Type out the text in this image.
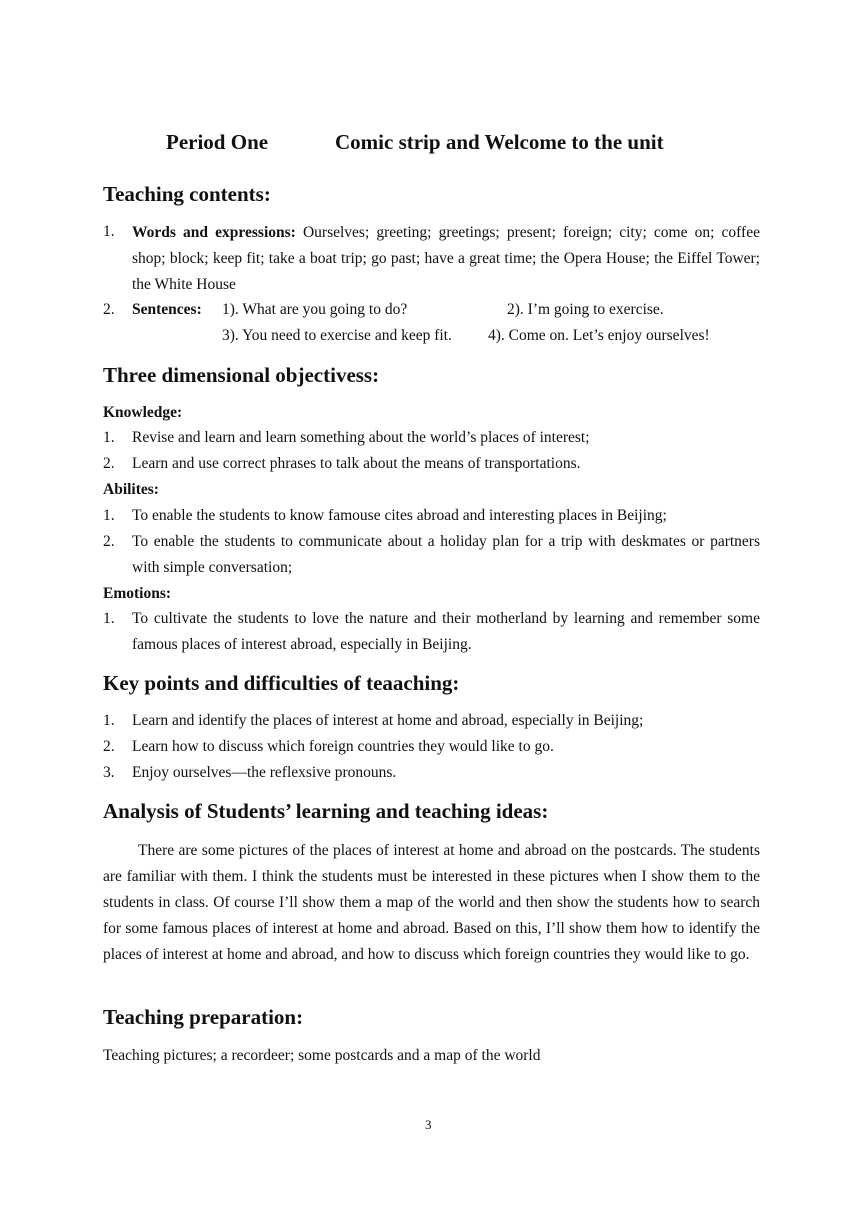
Period One	Comic strip and Welcome to the unit
Teaching contents:
1. Words and expressions: Ourselves; greeting; greetings; present; foreign; city; come on; coffee shop; block; keep fit; take a boat trip; go past; have a great time; the Opera House; the Eiffel Tower; the White House
2. Sentences: 1). What are you going to do?	2). I’m going to exercise.
3). You need to exercise and keep fit. 4). Come on. Let’s enjoy ourselves!
Three dimensional objectivess:
Knowledge:
1. Revise and learn and learn something about the world’s places of interest;
2. Learn and use correct phrases to talk about the means of transportations.
Abilites:
1. To enable the students to know famouse cites abroad and interesting places in Beijing;
2. To enable the students to communicate about a holiday plan for a trip with deskmates or partners with simple conversation;
Emotions:
1. To cultivate the students to love the nature and their motherland by learning and remember some famous places of interest abroad, especially in Beijing.
Key points and difficulties of teaaching:
1. Learn and identify the places of interest at home and abroad, especially in Beijing;
2. Learn how to discuss which foreign countries they would like to go.
3. Enjoy ourselves—the reflexsive pronouns.
Analysis of Students’ learning and teaching ideas:
There are some pictures of the places of interest at home and abroad on the postcards. The students are familiar with them. I think the students must be interested in these pictures when I show them to the students in class. Of course I’ll show them a map of the world and then show the students how to search for some famous places of interest at home and abroad. Based on this, I’ll show them how to identify the places of interest at home and abroad, and how to discuss which foreign countries they would like to go.
Teaching preparation:
Teaching pictures; a recordeer; some postcards and a map of the world
3
